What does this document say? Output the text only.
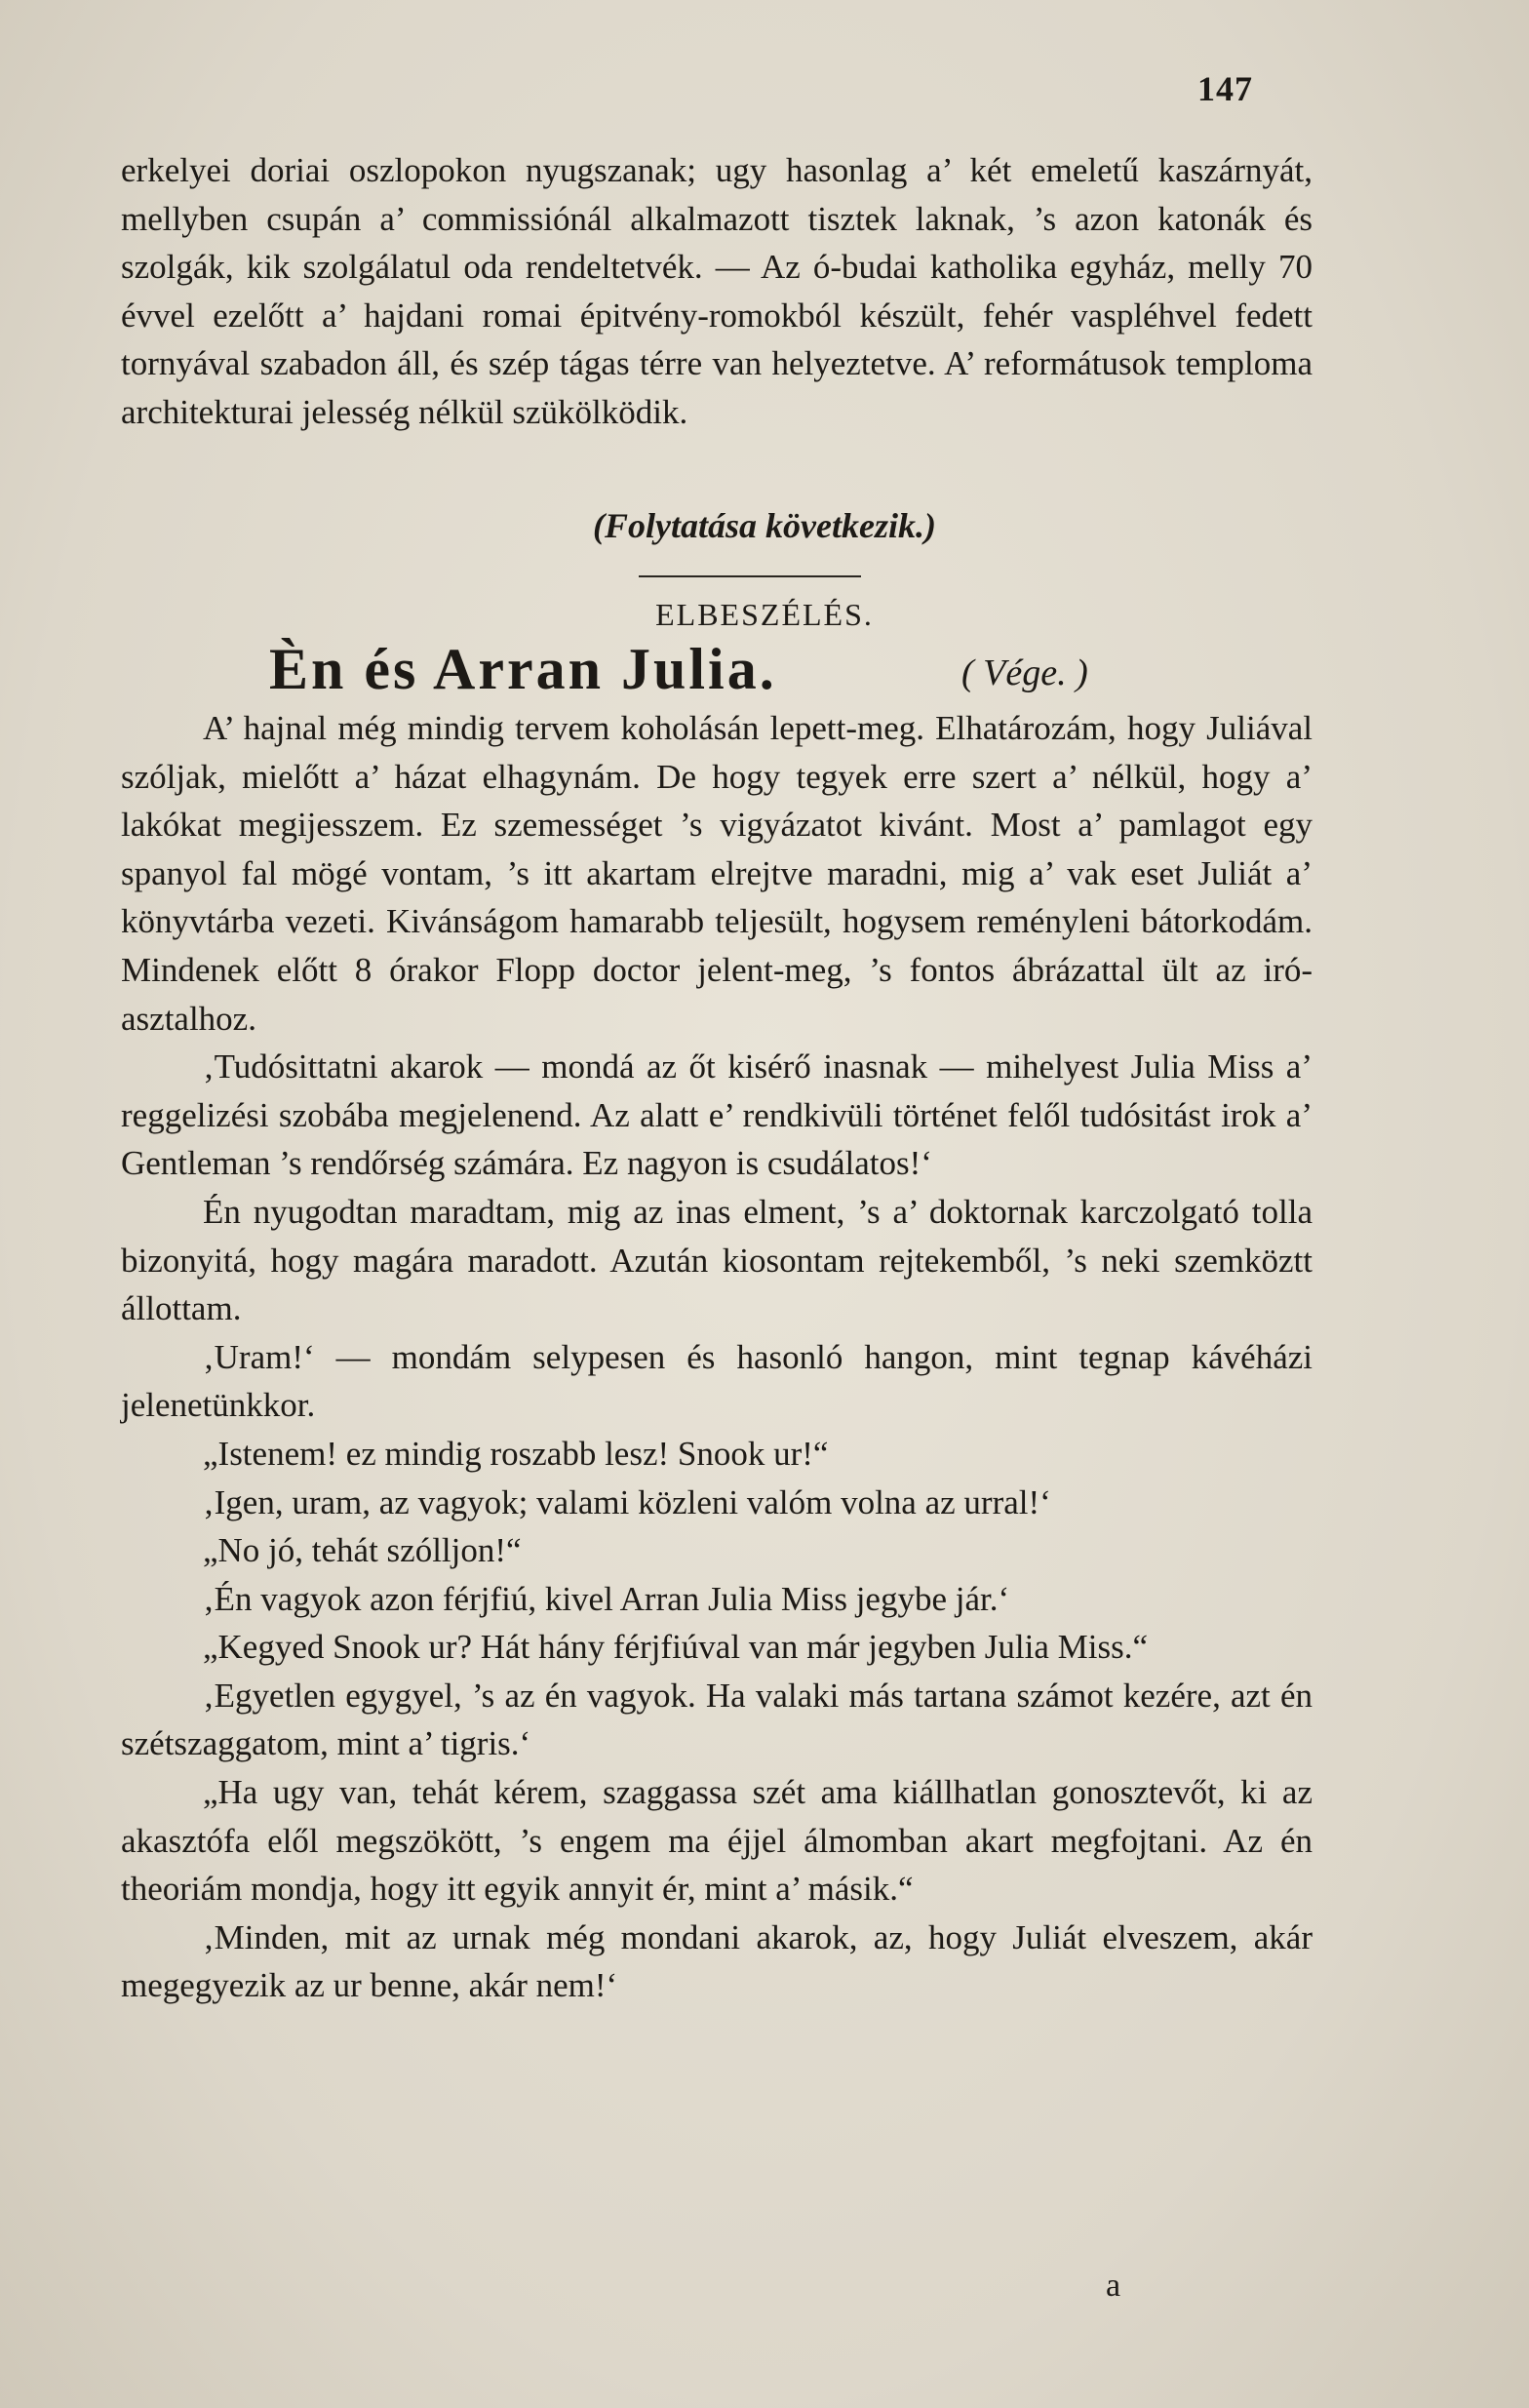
147

erkelyei doriai oszlopokon nyugszanak; ugy hasonlag a’ két emeletű kaszárnyát, mellyben csupán a’ commissiónál alkalmazott tisztek laknak, ’s azon katonák és szolgák, kik szolgálatul oda rendeltetvék. — Az ó-budai katholika egyház, melly 70 évvel ezelőtt a’ hajdani romai épitvény-romokból készült, fehér vaspléhvel fedett tornyával szabadon áll, és szép tágas térre van helyeztetve. A’ reformátusok temploma architekturai jelesség nélkül szükölködik.

(Folytatása következik.)
ELBESZÉLÉS.
Èn és Arran Julia.	( Vége. )

A’ hajnal még mindig tervem koholásán lepett-meg. Elhatározám, hogy Juliával szóljak, mielőtt a’ házat elhagynám. De hogy tegyek erre szert a’ nélkül, hogy a’ lakókat megijesszem. Ez szemességet ’s vigyázatot kivánt. Most a’ pamlagot egy spanyol fal mögé vontam, ’s itt akartam elrejtve maradni, mig a’ vak eset Juliát a’ könyvtárba vezeti. Kivánságom hamarabb teljesült, hogysem reményleni bátorkodám. Mindenek előtt 8 órakor Flopp doctor jelent-meg, ’s fontos ábrázattal ült az iró-asztalhoz.

‚Tudósittatni akarok — mondá az őt kisérő inasnak — mihelyest Julia Miss a’ reggelizési szobába megjelenend. Az alatt e’ rendkivüli történet felől tudósitást irok a’ Gentleman ’s rendőrség számára. Ez nagyon is csudálatos!‘

Én nyugodtan maradtam, mig az inas elment, ’s a’ doktornak karczolgató tolla bizonyitá, hogy magára maradott. Azután kiosontam rejtekemből, ’s neki szemköztt állottam.

‚Uram!‘ — mondám selypesen és hasonló hangon, mint tegnap kávéházi jelenetünkkor.

„Istenem! ez mindig roszabb lesz! Snook ur!“

‚Igen, uram, az vagyok; valami közleni valóm volna az urral!‘

„No jó, tehát szólljon!“

‚Én vagyok azon férjfiú, kivel Arran Julia Miss jegybe jár.‘

„Kegyed Snook ur? Hát hány férjfiúval van már jegyben Julia Miss.“

‚Egyetlen egygyel, ’s az én vagyok. Ha valaki más tartana számot kezére, azt én szétszaggatom, mint a’ tigris.‘

„Ha ugy van, tehát kérem, szaggassa szét ama kiállhatlan gonosztevőt, ki az akasztófa elől megszökött, ’s engem ma éjjel álmomban akart megfojtani. Az én theoriám mondja, hogy itt egyik annyit ér, mint a’ másik.“

‚Minden, mit az urnak még mondani akarok, az, hogy Juliát elveszem, akár megegyezik az ur benne, akár nem!‘

a
